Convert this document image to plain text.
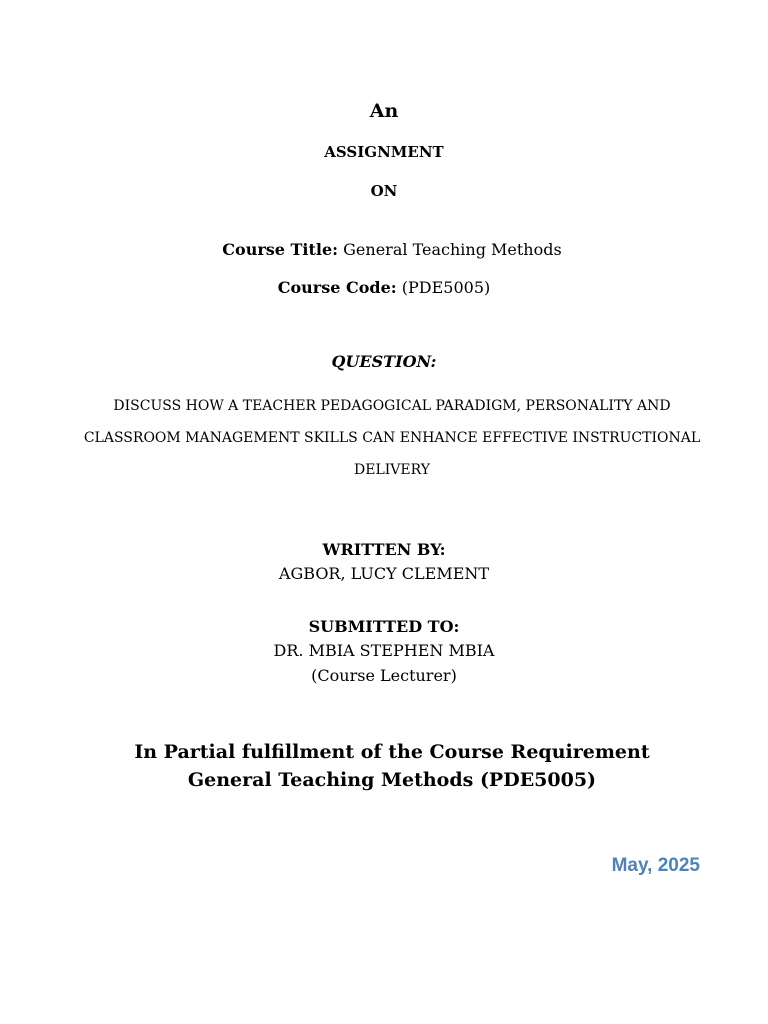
An
ASSIGNMENT
ON
Course Title: General Teaching Methods
Course Code: (PDE5005)
QUESTION:
DISCUSS HOW A TEACHER PEDAGOGICAL PARADIGM, PERSONALITY AND CLASSROOM MANAGEMENT SKILLS CAN ENHANCE EFFECTIVE INSTRUCTIONAL DELIVERY
WRITTEN BY:
AGBOR, LUCY CLEMENT
SUBMITTED TO:
DR. MBIA STEPHEN MBIA
(Course Lecturer)
In Partial fulfillment of the Course Requirement General Teaching Methods (PDE5005)
May, 2025
